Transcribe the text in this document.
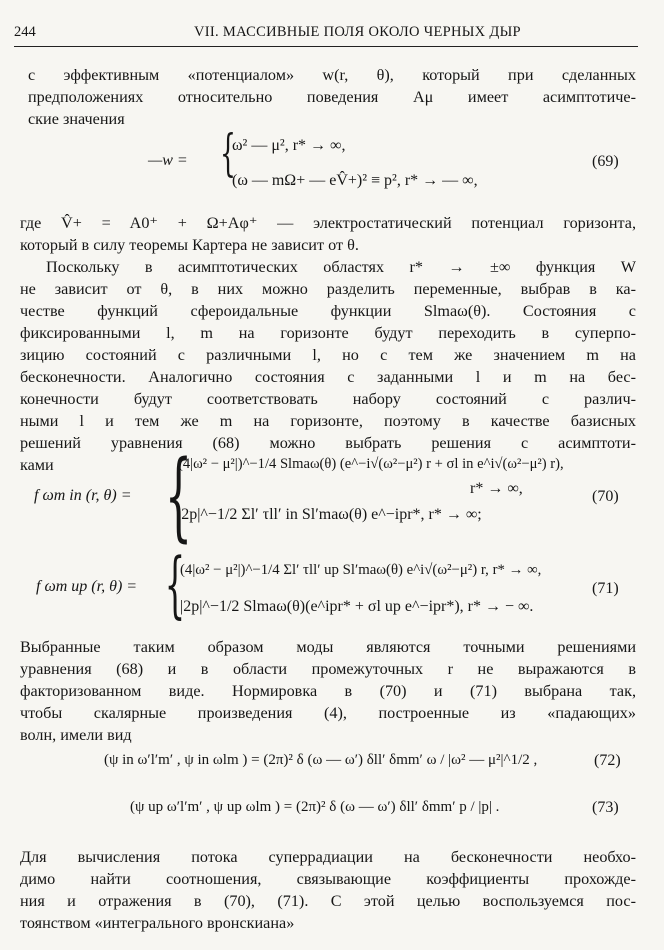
244	VII. МАССИВНЫЕ ПОЛЯ ОКОЛО ЧЕРНЫХ ДЫР
с эффективным «потенциалом» w(r, θ), который при сделанных
предположениях относительно поведения Aμ имеет асимптотиче-
ские значения
—w = {
ω² — μ², r* → ∞,
(ω — mΩ+ — eV̂+)² ≡ p², r* → — ∞,
(69)
где V̂+ = A0⁺ + Ω+Aφ⁺ — электростатический потенциал горизонта,
который в силу теоремы Картера не зависит от θ.
Поскольку в асимптотических областях r* → ±∞ функция W
не зависит от θ, в них можно разделить переменные, выбрав в ка-
честве функций сфероидальные функции Slmaω(θ). Состояния с
фиксированными l, m на горизонте будут переходить в суперпо-
зицию состояний с различными l, но с тем же значением m на
бесконечности. Аналогично состояния с заданными l и m на бес-
конечности будут соответствовать набору состояний с различ-
ными l и тем же m на горизонте, поэтому в качестве базисных
решений уравнения (68) можно выбрать решения с асимптоти-
ками
f ωm in (r, θ) = {
(4|ω² − μ²|)^−1/4 Slmaω(θ) (e^−i√(ω²−μ²) r + σl in e^i√(ω²−μ²) r),
r* → ∞,
|2p|^−1/2 Σl′ τll′ in Sl′maω(θ) e^−ipr*, r* → ∞;
(70)
f ωm up (r, θ) = {
(4|ω² − μ²|)^−1/4 Σl′ τll′ up Sl′maω(θ) e^i√(ω²−μ²) r, r* → ∞,
|2p|^−1/2 Slmaω(θ)(e^ipr* + σl up e^−ipr*), r* → − ∞.
(71)
Выбранные таким образом моды являются точными решениями
уравнения (68) и в области промежуточных r не выражаются в
факторизованном виде. Нормировка в (70) и (71) выбрана так,
чтобы скалярные произведения (4), построенные из «падающих»
волн, имели вид
(ψ in ω′l′m′ , ψ in ωlm ) = (2π)² δ (ω — ω′) δll′ δmm′ ω / |ω² — μ²|^1/2 ,	(72)
(ψ up ω′l′m′ , ψ up ωlm ) = (2π)² δ (ω — ω′) δll′ δmm′ p / |p| .	(73)
Для вычисления потока суперрадиации на бесконечности необхо-
димо найти соотношения, связывающие коэффициенты прохожде-
ния и отражения в (70), (71). С этой целью воспользуемся пос-
тоянством «интегрального вронскиана»
